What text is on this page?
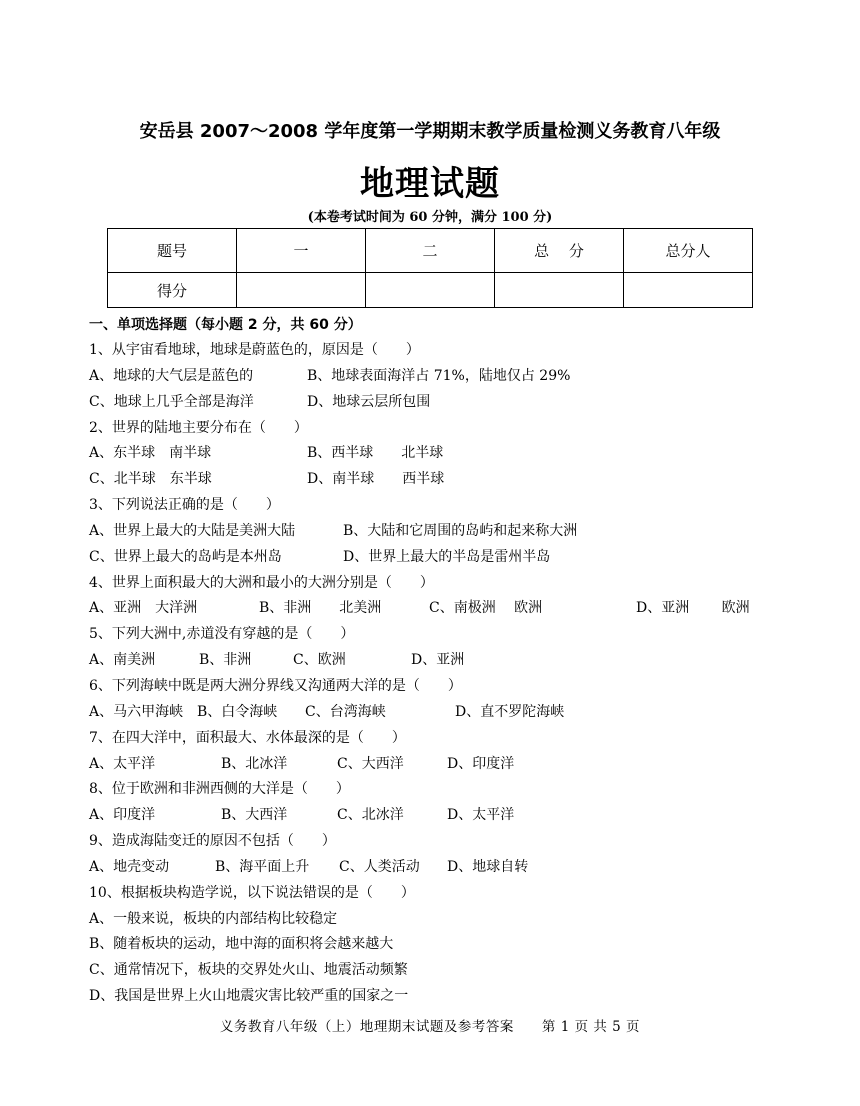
安岳县 2007～2008 学年度第一学期期末教学质量检测义务教育八年级
地理试题
(本卷考试时间为 60 分钟，满分 100 分)
题号	一	二	总　 分	总分人
得分				
一、单项选择题（每小题 2 分，共 60 分）
1、从宇宙看地球，地球是蔚蓝色的，原因是（　　）
A、地球的大气层是蓝色的	B、地球表面海洋占 71%，陆地仅占 29%
C、地球上几乎全部是海洋	D、地球云层所包围
2、世界的陆地主要分布在（　　）
A、东半球　南半球	B、西半球　　北半球
C、北半球　东半球	D、南半球　　西半球
3、下列说法正确的是（　　）
A、世界上最大的大陆是美洲大陆	B、大陆和它周围的岛屿和起来称大洲
C、世界上最大的岛屿是本州岛	D、世界上最大的半岛是雷州半岛
4、世界上面积最大的大洲和最小的大洲分别是（　　）
A、亚洲　大洋洲	B、非洲　　北美洲	C、南极洲　 欧洲	D、亚洲　　 欧洲
5、下列大洲中,赤道没有穿越的是（　　）
A、南美洲	B、非洲	C、欧洲	D、亚洲
6、下列海峡中既是两大洲分界线又沟通两大洋的是（　　）
A、马六甲海峡 B、白令海峡 C、台湾海峡	D、直不罗陀海峡
7、在四大洋中，面积最大、水体最深的是（　　）
A、太平洋	B、北冰洋	C、大西洋	D、印度洋
8、位于欧洲和非洲西侧的大洋是（　　）
A、印度洋	B、大西洋	C、北冰洋	D、太平洋
9、造成海陆变迁的原因不包括（　　）
A、地壳变动	B、海平面上升 C、人类活动 D、地球自转
10、根据板块构造学说，以下说法错误的是（　　）
A、一般来说，板块的内部结构比较稳定
B、随着板块的运动，地中海的面积将会越来越大
C、通常情况下，板块的交界处火山、地震活动频繁
D、我国是世界上火山地震灾害比较严重的国家之一
义务教育八年级（上）地理期末试题及参考答案　　第 1 页 共 5 页
